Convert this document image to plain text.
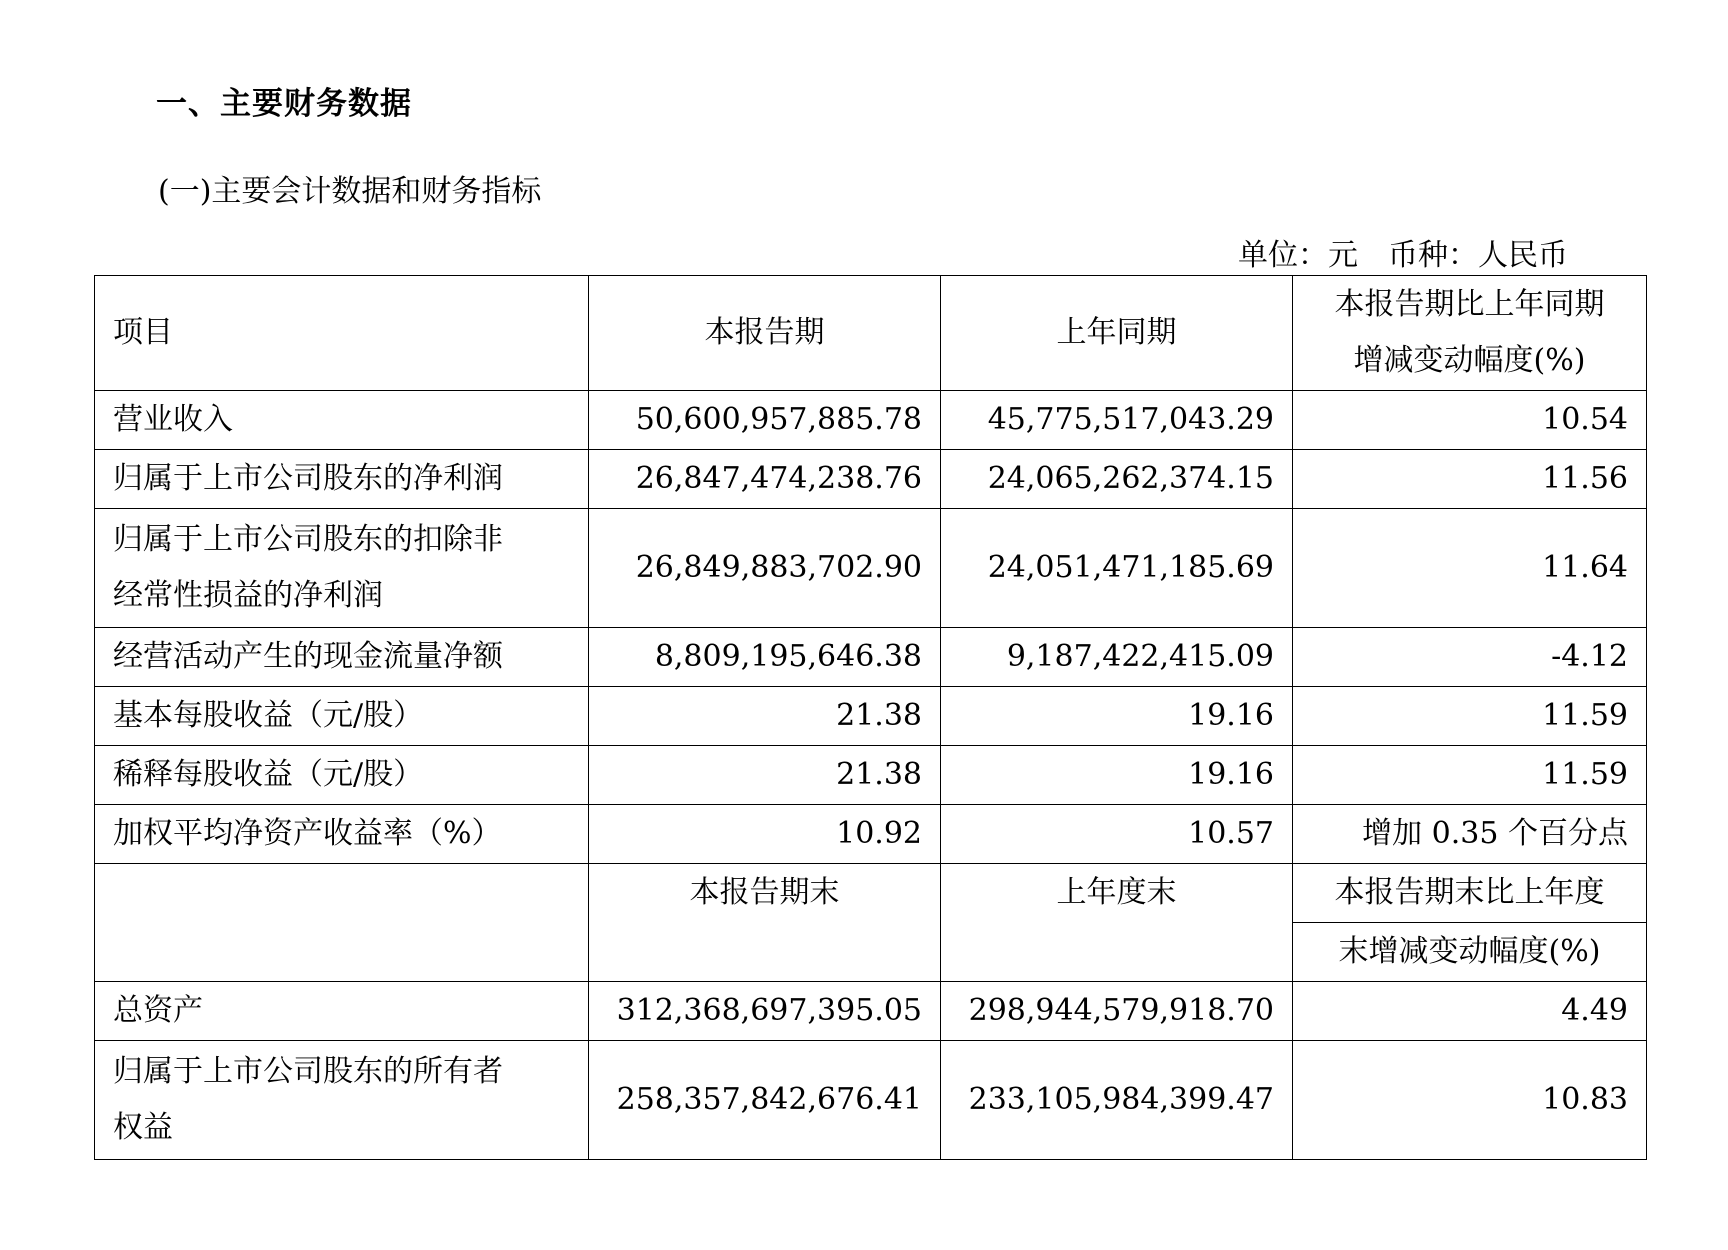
一、主要财务数据
(一)主要会计数据和财务指标
单位：元　币种：人民币
项目	本报告期	上年同期	本报告期比上年同期
增减变动幅度(%)

营业收入	50,600,957,885.78	45,775,517,043.29	10.54
归属于上市公司股东的净利润	26,847,474,238.76	24,065,262,374.15	11.56

归属于上市公司股东的扣除非
经常性损益的净利润	26,849,883,702.90	24,051,471,185.69	11.64
经营活动产生的现金流量净额	8,809,195,646.38	9,187,422,415.09	-4.12
基本每股收益（元/股）	21.38	19.16	11.59
稀释每股收益（元/股）	21.38	19.16	11.59
加权平均净资产收益率（%）	10.92	10.57	增加 0.35 个百分点
	本报告期末	上年度末	本报告期末比上年度
			末增减变动幅度(%)
总资产	312,368,697,395.05	298,944,579,918.70	4.49

归属于上市公司股东的所有者
权益	258,357,842,676.41	233,105,984,399.47	10.83
